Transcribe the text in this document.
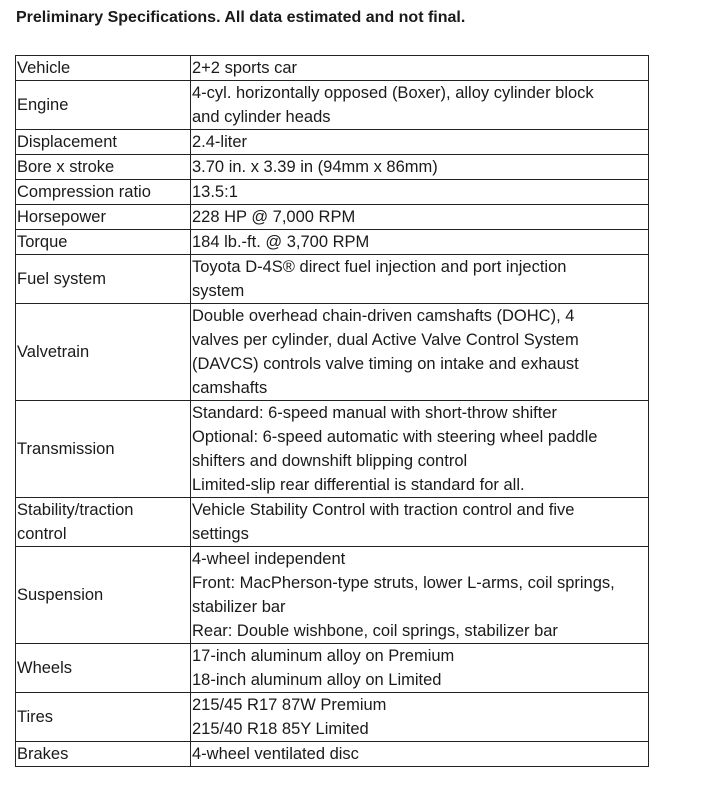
Preliminary Specifications. All data estimated and not final.
Vehicle	2+2 sports car
Engine	4-cyl. horizontally opposed (Boxer), alloy cylinder block
and cylinder heads
Displacement	2.4-liter
Bore x stroke	3.70 in. x 3.39 in (94mm x 86mm)
Compression ratio	13.5:1
Horsepower	228 HP @ 7,000 RPM
Torque	184 lb.-ft. @ 3,700 RPM
Fuel system	Toyota D-4S® direct fuel injection and port injection
system
Valvetrain	Double overhead chain-driven camshafts (DOHC), 4
valves per cylinder, dual Active Valve Control System
(DAVCS) controls valve timing on intake and exhaust
camshafts
Transmission	Standard: 6-speed manual with short-throw shifter
Optional: 6-speed automatic with steering wheel paddle
shifters and downshift blipping control
Limited-slip rear differential is standard for all.
Stability/traction
control	Vehicle Stability Control with traction control and five
settings
Suspension	4-wheel independent
Front: MacPherson-type struts, lower L-arms, coil springs,
stabilizer bar
Rear: Double wishbone, coil springs, stabilizer bar
Wheels	17-inch aluminum alloy on Premium
18-inch aluminum alloy on Limited
Tires	215/45 R17 87W Premium
215/40 R18 85Y Limited

Brakes	4-wheel ventilated disc
